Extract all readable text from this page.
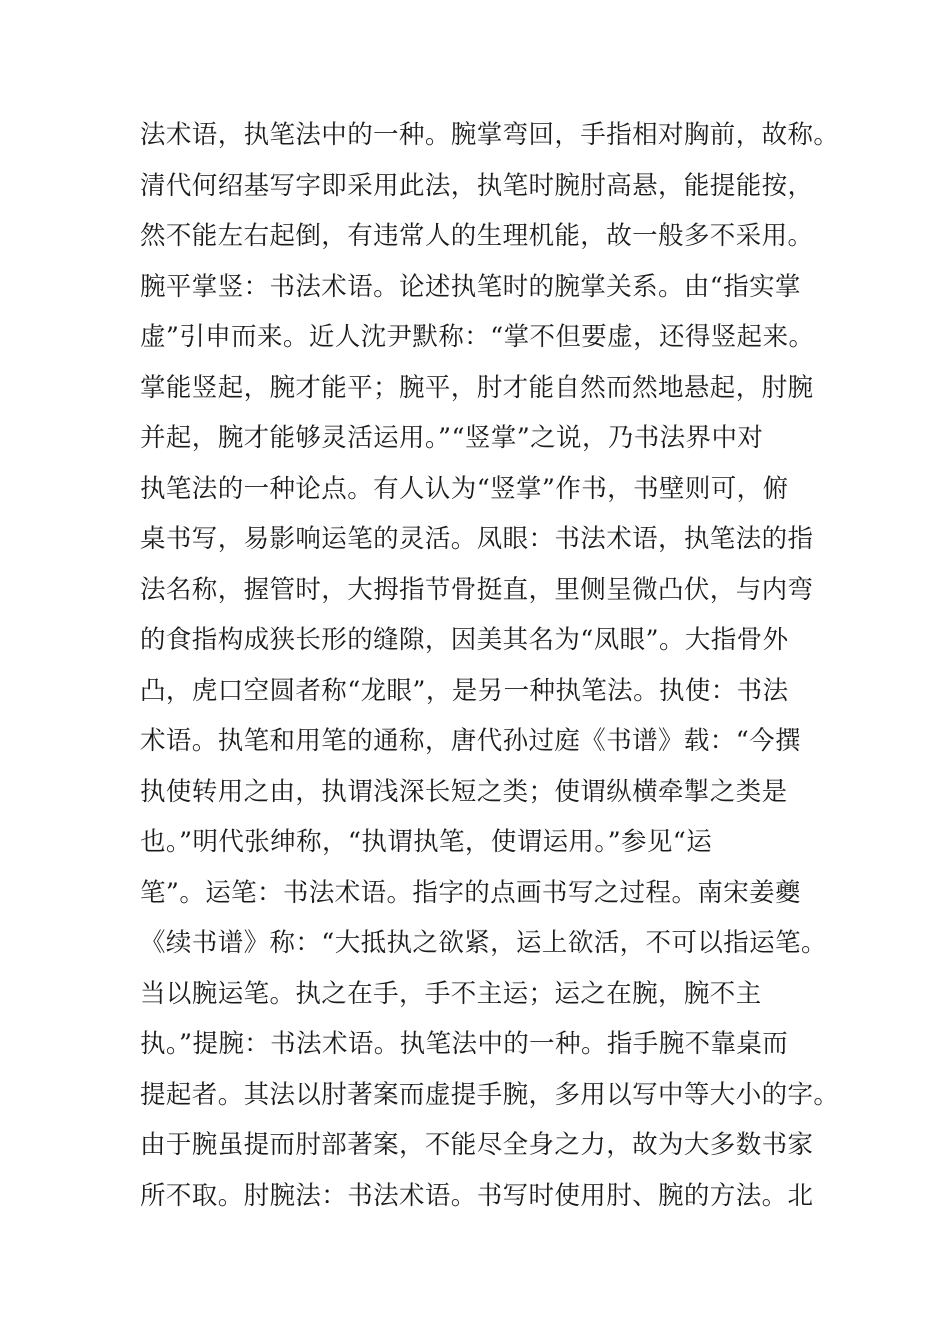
法术语，执笔法中的一种。腕掌弯回，手指相对胸前，故称。
清代何绍基写字即采用此法，执笔时腕肘高悬，能提能按，
然不能左右起倒，有违常人的生理机能，故一般多不采用。
腕平掌竖：书法术语。论述执笔时的腕掌关系。由“指实掌
虚”引申而来。近人沈尹默称：“掌不但要虚，还得竖起来。
掌能竖起，腕才能平；腕平，肘才能自然而然地悬起，肘腕
并起，腕才能够灵活运用。”“竖掌”之说，乃书法界中对
执笔法的一种论点。有人认为“竖掌”作书，书壁则可，俯
桌书写，易影响运笔的灵活。凤眼：书法术语，执笔法的指
法名称，握管时，大拇指节骨挺直，里侧呈微凸伏，与内弯
的食指构成狭长形的缝隙，因美其名为“凤眼”。大指骨外
凸，虎口空圆者称“龙眼”，是另一种执笔法。执使：书法
术语。执笔和用笔的通称，唐代孙过庭《书谱》载：“今撰
执使转用之由，执谓浅深长短之类；使谓纵横牵掣之类是
也。”明代张绅称，“执谓执笔，使谓运用。”参见“运
笔”。运笔：书法术语。指字的点画书写之过程。南宋姜夔
《续书谱》称：“大抵执之欲紧，运上欲活，不可以指运笔。
当以腕运笔。执之在手，手不主运；运之在腕，腕不主
执。”提腕：书法术语。执笔法中的一种。指手腕不靠桌而
提起者。其法以肘著案而虚提手腕，多用以写中等大小的字。
由于腕虽提而肘部著案，不能尽全身之力，故为大多数书家
所不取。肘腕法：书法术语。书写时使用肘、腕的方法。北
